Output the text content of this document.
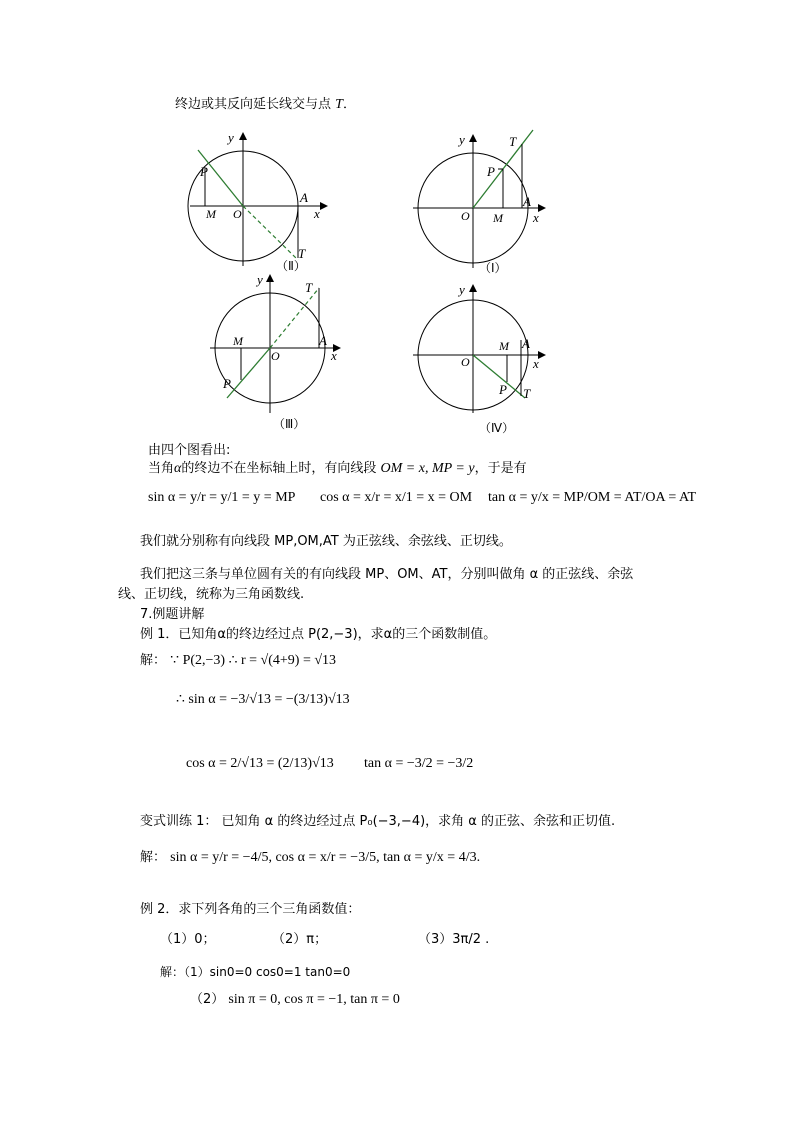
终边或其反向延长线交与点 T．
y
x
O
P
M
A
T
（Ⅱ）
y
x
O
P
M
A
T
（Ⅰ）
y
x
O
P
M	A
T
（Ⅲ）
y
x
O
P
M A
T
（Ⅳ）
由四个图看出:
当角α的终边不在坐标轴上时，有向线段 OM = x, MP = y，于是有
sin α = y/r = y/1 = y = MP cos α = x/r = x/1 = x = OM tan α = y/x = MP/OM = AT/OA = AT
我们就分别称有向线段 MP,OM,AT 为正弦线、余弦线、正切线。
我们把这三条与单位圆有关的有向线段 MP、OM、AT，分别叫做角 α 的正弦线、余弦
线、正切线，统称为三角函数线.
7.例题讲解
例 1．已知角α的终边经过点 P(2,−3)，求α的三个函数制值。
解： ∵ P(2,−3) ∴ r = √(4+9) = √13
∴ sin α = −3/√13 = −(3/13)√13
cos α = 2/√13 = (2/13)√13 tan α = −3/2 = −3/2
变式训练 1： 已知角 α 的终边经过点 P₀(−3,−4)，求角 α 的正弦、余弦和正切值.
解： sin α = y/r = −4/5, cos α = x/r = −3/5, tan α = y/x = 4/3.
例 2．求下列各角的三个三角函数值：
（1）0；	（2）π；	（3）3π/2 .
解：（1）sin0=0 cos0=1 tan0=0
（2） sin π = 0, cos π = −1, tan π = 0
